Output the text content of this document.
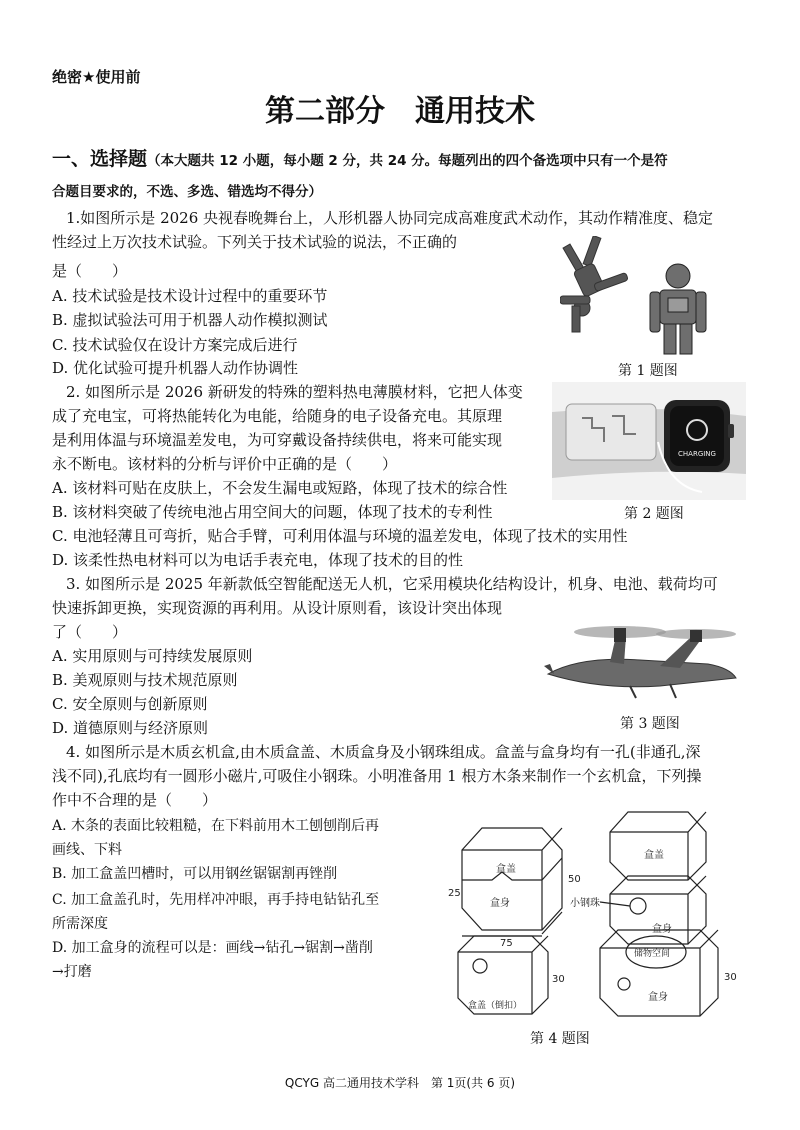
绝密★使用前
第二部分　通用技术
一、选择题（本大题共 12 小题，每小题 2 分，共 24 分。每题列出的四个备选项中只有一个是符
合题目要求的，不选、多选、错选均不得分）
1.如图所示是 2026 央视春晚舞台上，人形机器人协同完成高难度武术动作，其动作精准度、稳定
性经过上万次技术试验。下列关于技术试验的说法，不正确的
是（　　）
A. 技术试验是技术设计过程中的重要环节
B. 虚拟试验法可用于机器人动作模拟测试
C. 技术试验仅在设计方案完成后进行
D. 优化试验可提升机器人动作协调性	第 1 题图
2. 如图所示是 2026 新研发的特殊的塑料热电薄膜材料，它把人体变
成了充电宝，可将热能转化为电能，给随身的电子设备充电。其原理
是利用体温与环境温差发电，为可穿戴设备持续供电，将来可能实现
永不断电。该材料的分析与评价中正确的是（　　）
A. 该材料可贴在皮肤上，不会发生漏电或短路，体现了技术的综合性
B. 该材料突破了传统电池占用空间大的问题，体现了技术的专利性
C. 电池轻薄且可弯折，贴合手臂，可利用体温与环境的温差发电，体现了技术的实用性
D. 该柔性热电材料可以为电话手表充电，体现了技术的目的性
CHARGING
第 2 题图
3. 如图所示是 2025 年新款低空智能配送无人机，它采用模块化结构设计，机身、电池、载荷均可
快速拆卸更换，实现资源的再利用。从设计原则看，该设计突出体现
了（　　）
A. 实用原则与可持续发展原则
B. 美观原则与技术规范原则
C. 安全原则与创新原则
D. 道德原则与经济原则	第 3 题图
4. 如图所示是木质玄机盒,由木质盒盖、木质盒身及小钢珠组成。盒盖与盒身均有一孔(非通孔,深
浅不同),孔底均有一圆形小磁片,可吸住小钢珠。小明准备用 1 根方木条来制作一个玄机盒，下列操
作中不合理的是（　　）
A. 木条的表面比较粗糙，在下料前用木工刨刨削后再
画线、下料
B. 加工盒盖凹槽时，可以用钢丝锯锯割再锉削
C. 加工盒盖孔时，先用样冲冲眼，再手持电钻钻孔至
所需深度
D. 加工盒身的流程可以是：画线→钻孔→锯割→凿削
→打磨
盒盖
盒身
50
75
25
盒盖
盒身
小钢珠
盒盖（倒扣）
30
储物空间
盒身
30
第 4 题图
QCYG 高二通用技术学科　第 1页(共 6 页)
